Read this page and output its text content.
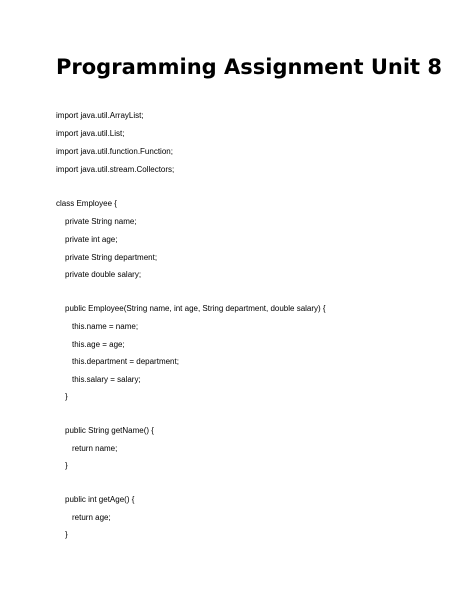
Programming Assignment Unit 8
import java.util.ArrayList;
import java.util.List;
import java.util.function.Function;
import java.util.stream.Collectors;
class Employee {
private String name;
private int age;
private String department;
private double salary;
public Employee(String name, int age, String department, double salary) {
this.name = name;
this.age = age;
this.department = department;
this.salary = salary;
}
public String getName() {
return name;
}
public int getAge() {
return age;
}
